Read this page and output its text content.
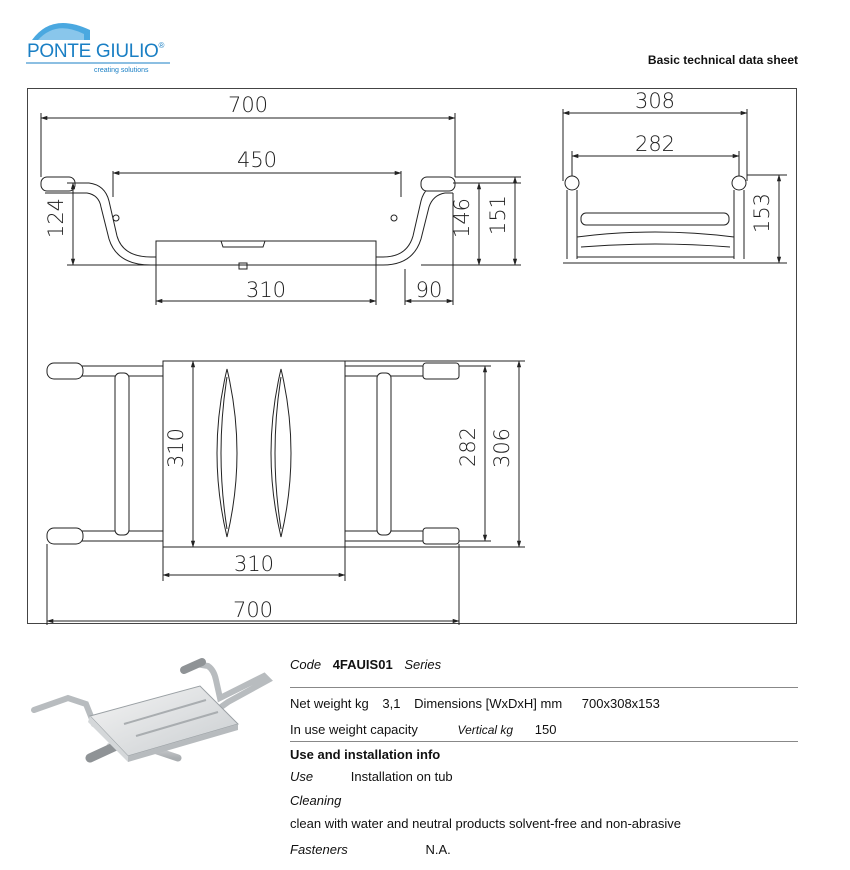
PONTE GIULIO®
creating solutions
Basic technical data sheet
700
450
124	146 151
310	90
308
282
153
310	282 306
310
700
Code 4FAUIS01 Series
Net weight kg 3,1 Dimensions [WxDxH] mm 700x308x153
In use weight capacity	Vertical kg 150
Use and installation info
Use	Installation on tub
Cleaning
clean with water and neutral products solvent-free and non-abrasive
Fasteners	N.A.
